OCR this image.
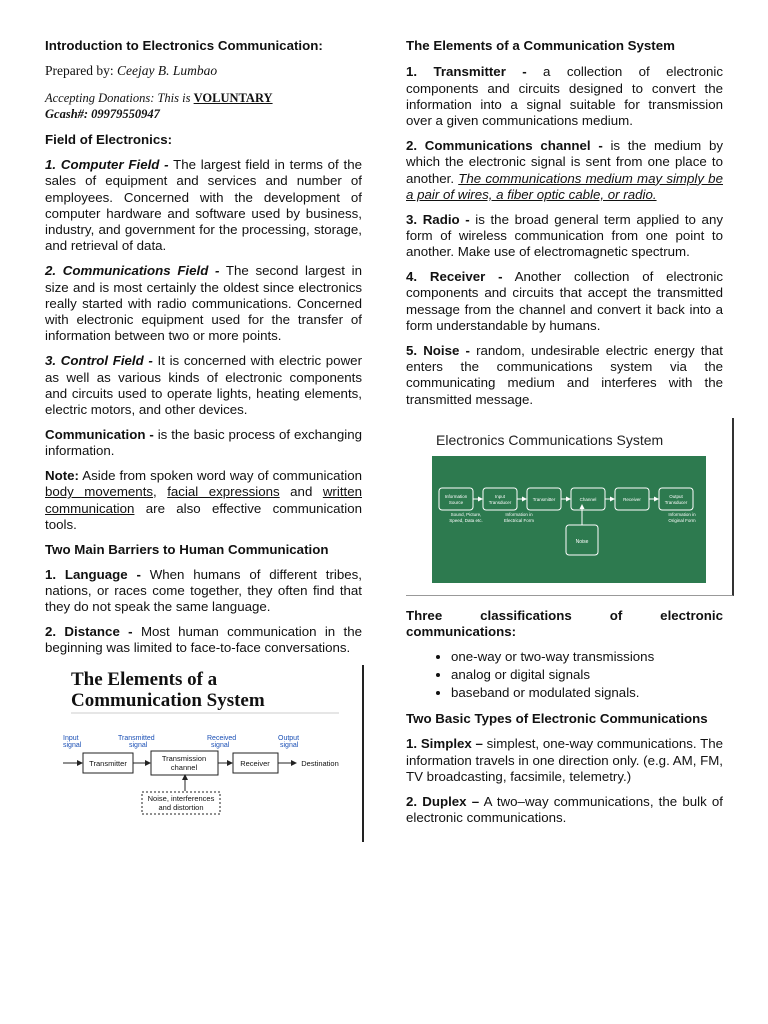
Introduction to Electronics Communication:

Prepared by: Ceejay B. Lumbao

Accepting Donations: This is VOLUNTARY

Gcash#: 09979550947

Field of Electronics:

1. Computer Field - The largest field in terms of the sales of equipment and services and number of employees. Concerned with the development of computer hardware and software used by business, industry, and government for the processing, storage, and retrieval of data.

2. Communications Field - The second largest in size and is most certainly the oldest since electronics really started with radio communications. Concerned with electronic equipment used for the transfer of information between two or more points.

3. Control Field - It is concerned with electric power as well as various kinds of electronic components and circuits used to operate lights, heating elements, electric motors, and other devices.

Communication - is the basic process of exchanging information.

Note: Aside from spoken word way of communication body movements, facial expressions and written communication are also effective communication tools.

Two Main Barriers to Human Communication

1. Language - When humans of different tribes, nations, or races come together, they often find that they do not speak the same language.

2. Distance - Most human communication in the beginning was limited to face-to-face conversations.

The Elements of a
Communication System
Input
signal
Transmitted
signal
Received
signal
Output
signal
Transmitter
Transmission
channel	Receiver	Destination
Noise, interferences
and distortion

The Elements of a Communication System

1. Transmitter - a collection of electronic components and circuits designed to convert the information into a signal suitable for transmission over a given communications medium.

2. Communications channel - is the medium by which the electronic signal is sent from one place to another. The communications medium may simply be a pair of wires, a fiber optic cable, or radio.

3. Radio - is the broad general term applied to any form of wireless communication from one point to another. Make use of electromagnetic spectrum.

4. Receiver - Another collection of electronic components and circuits that accept the transmitted message from the channel and convert it back into a form understandable by humans.

5. Noise - random, undesirable electric energy that enters the communications system via the communicating medium and interferes with the transmitted message.

Electronics Communications System
Information
Source
Input
Transducer
Transmitter	Channel	Receiver
Output
Transducer
Noise
Sound, Picture,
Speed, Data etc.
Information in
Electrical Form
Information in
Original Form

Three classifications of electronic communications:

• one-way or two-way transmissions
• analog or digital signals
• baseband or modulated signals.

Two Basic Types of Electronic Communications

1. Simplex – simplest, one-way communications. The information travels in one direction only. (e.g. AM, FM, TV broadcasting, facsimile, telemetry.)

2. Duplex – A two–way communications, the bulk of electronic communications.
